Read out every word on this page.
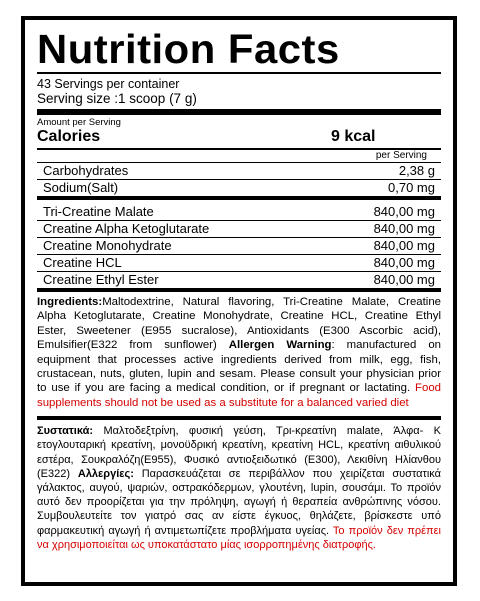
Nutrition Facts
43 Servings per container
Serving size :1 scoop (7 g)
Amount per Serving
Calories	9 kcal
per Serving
Carbohydrates	2,38 g
Sodium(Salt)	0,70 mg
Tri-Creatine Malate	840,00 mg
Creatine Alpha Ketoglutarate	840,00 mg
Creatine Monohydrate	840,00 mg
Creatine HCL	840,00 mg
Creatine Ethyl Ester	840,00 mg
Ingredients:Maltodextrine, Natural flavoring, Tri-Creatine Malate, Creatine Alpha Ketoglutarate, Creatine Monohydrate, Creatine HCL, Creatine Ethyl Ester, Sweetener (E955 sucralose), Antioxidants (E300 Ascorbic acid), Emulsifier(E322 from sunflower) Allergen Warning: manufactured on equipment that processes active ingredients derived from milk, egg, fish, crustacean, nuts, gluten, lupin and sesam. Please consult your physician prior to use if you are facing a medical condition, or if pregnant or lactating. Food supplements should not be used as a substitute for a balanced varied diet
Συστατικά: Μαλτοδεξτρίνη, φυσική γεύση, Τρι-κρεατίνη malate, Άλφα- Κ ετογλουταρική κρεατίνη, μονοϋδρική κρεατίνη, κρεατίνη HCL, κρεατίνη αιθυλικού εστέρα, Σουκραλόζη(Ε955), Φυσικό αντιοξειδωτικό (Ε300), Λεκιθίνη Ηλίανθου (E322) Αλλεργίες: Παρασκευάζεται σε περιβάλλον που χειρίζεται συστατικά γάλακτος, αυγού, ψαριών, οστρακόδερμων, γλουτένη, lupin, σουσάμι. Το προϊόν αυτό δεν προορίζεται για την πρόληψη, αγωγή ή θεραπεία ανθρώπινης νόσου. Συμβουλευτείτε τον γιατρό σας αν είστε έγκυος, θηλάζετε, βρίσκεστε υπό φαρμακευτική αγωγή ή αντιμετωπίζετε προβλήματα υγείας. Το προϊόν δεν πρέπει να χρησιμοποιείται ως υποκατάστατο μίας ισορροπημένης διατροφής.
